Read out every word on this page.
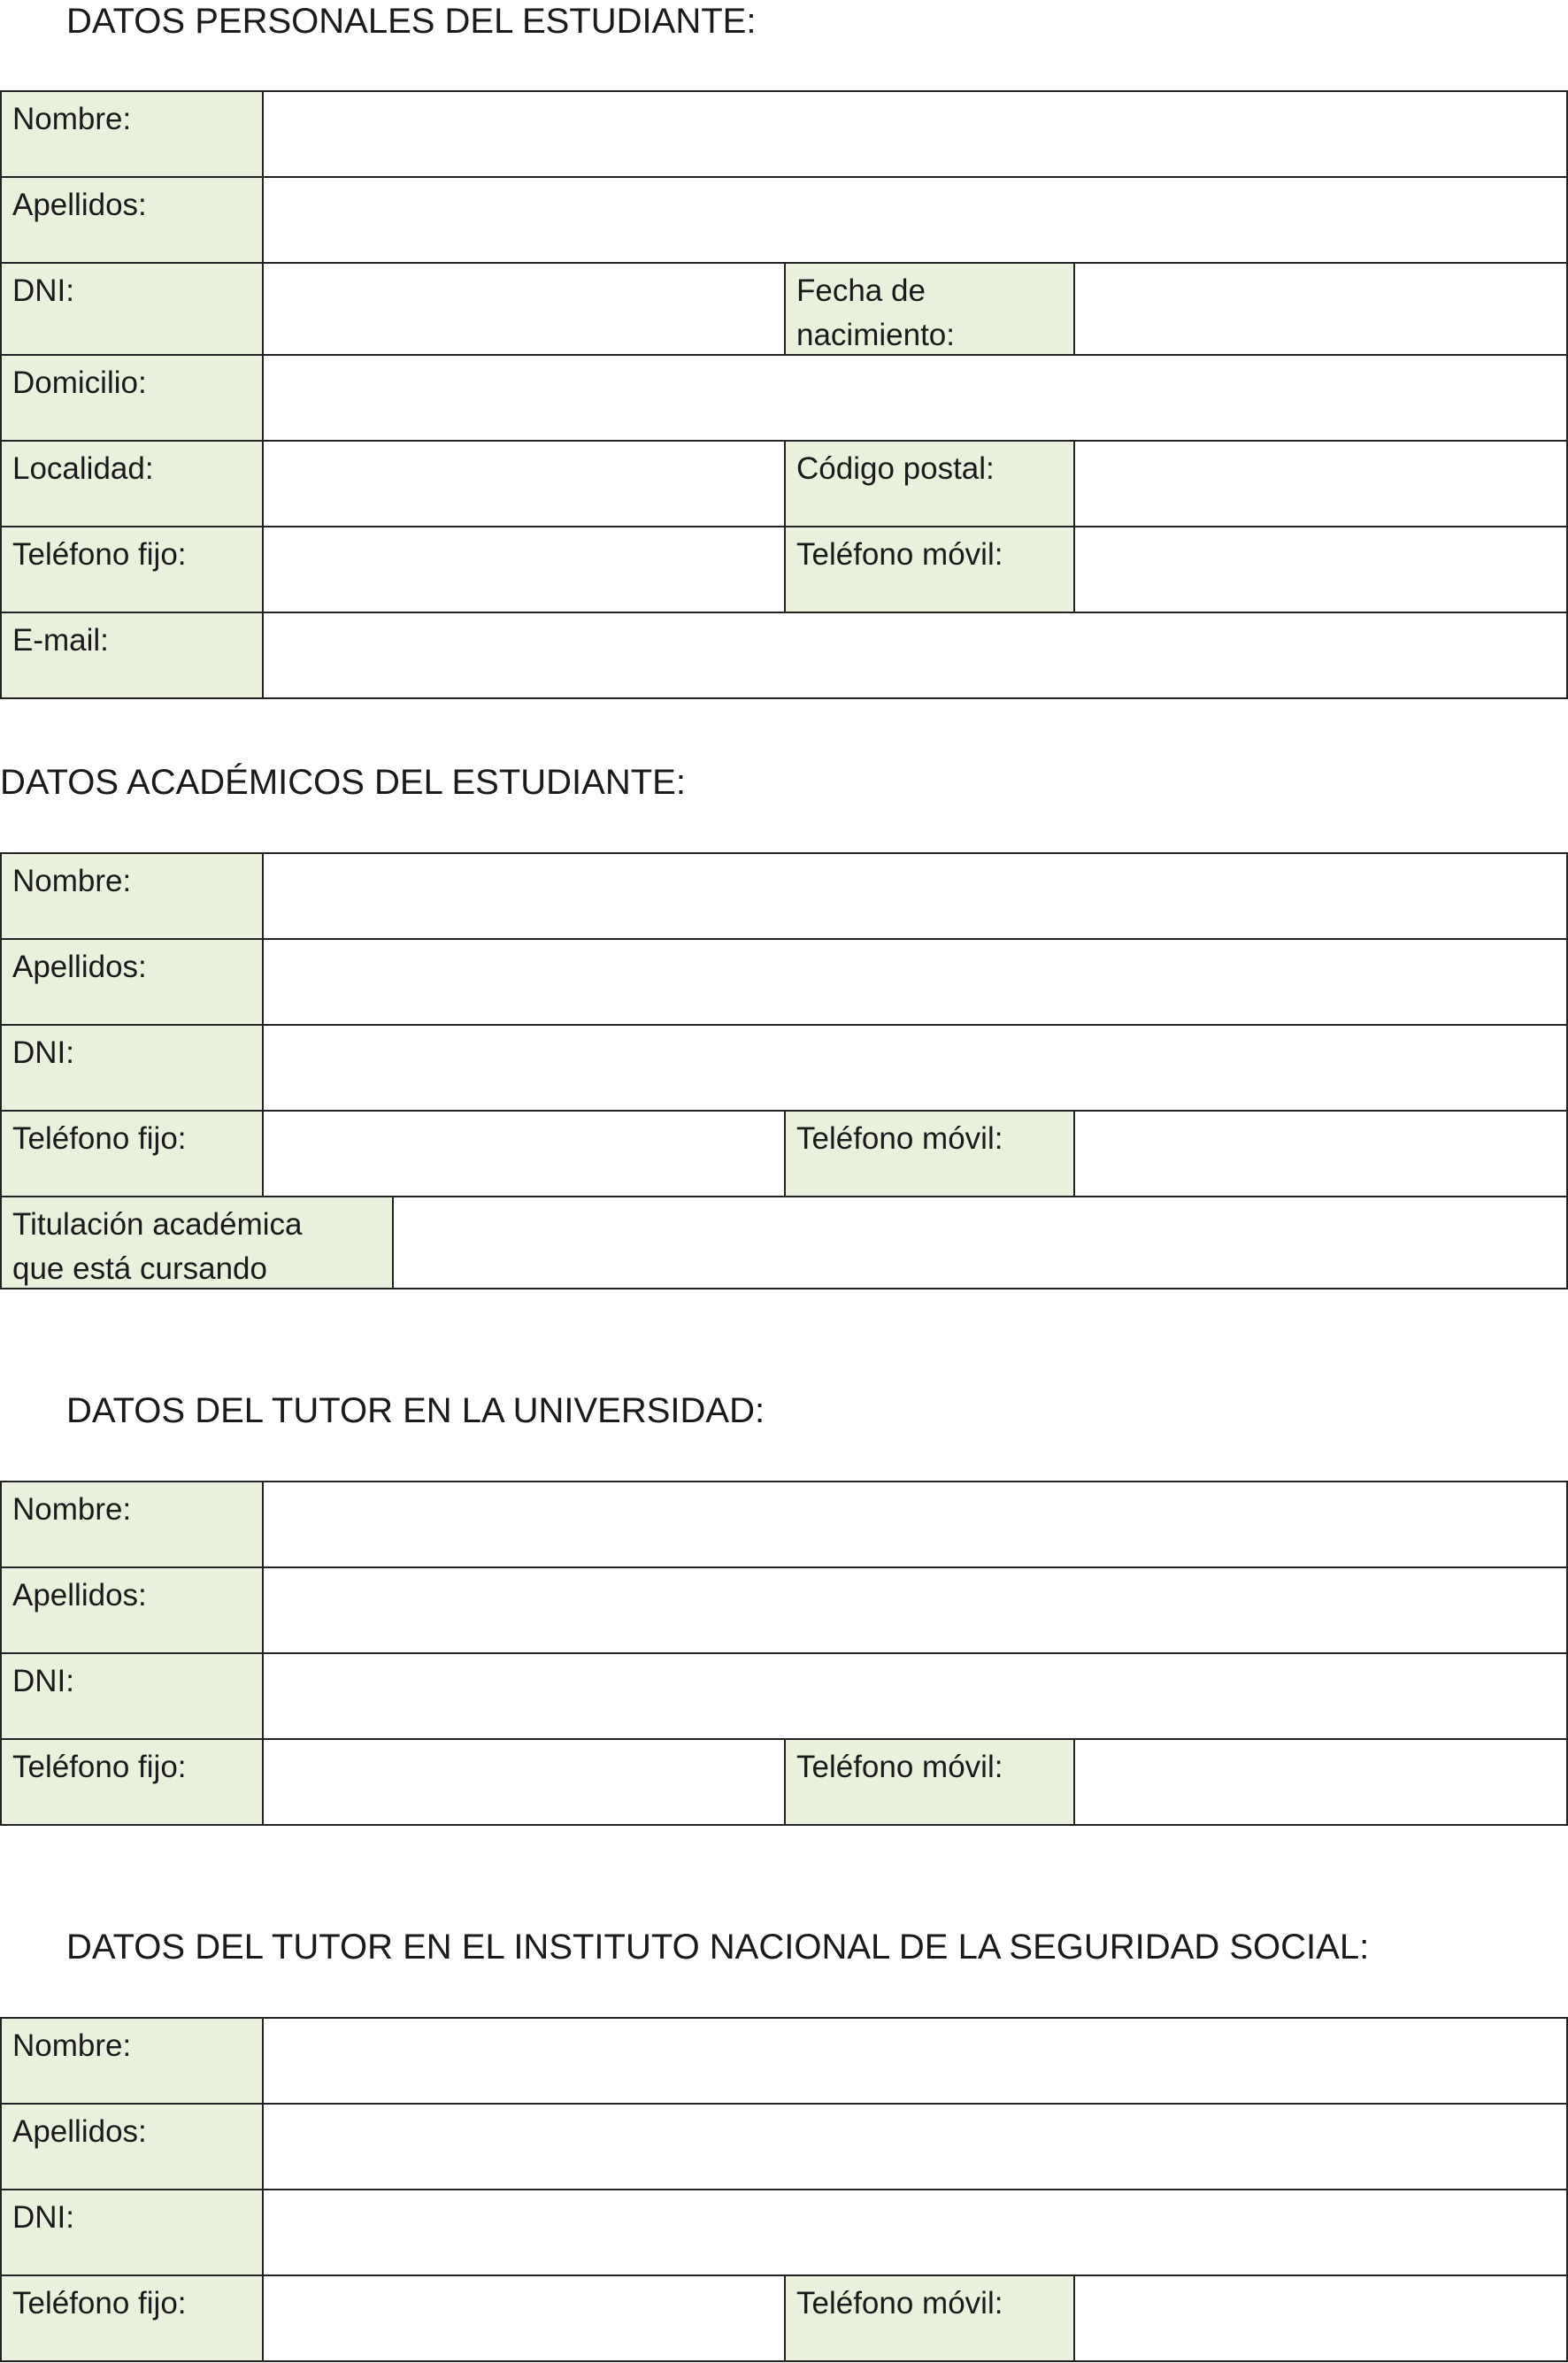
DATOS PERSONALES DEL ESTUDIANTE:
Nombre:
Apellidos:
DNI:	Fecha de
nacimiento:
Domicilio:
Localidad:	Código postal:
Teléfono fijo:	Teléfono móvil:
E-mail:
DATOS ACADÉMICOS DEL ESTUDIANTE:
Nombre:
Apellidos:
DNI:
Teléfono fijo:	Teléfono móvil:
Titulación académica
que está cursando
DATOS DEL TUTOR EN LA UNIVERSIDAD:
Nombre:
Apellidos:
DNI:
Teléfono fijo:	Teléfono móvil:
DATOS DEL TUTOR EN EL INSTITUTO NACIONAL DE LA SEGURIDAD SOCIAL:
Nombre:
Apellidos:
DNI:
Teléfono fijo:	Teléfono móvil:
